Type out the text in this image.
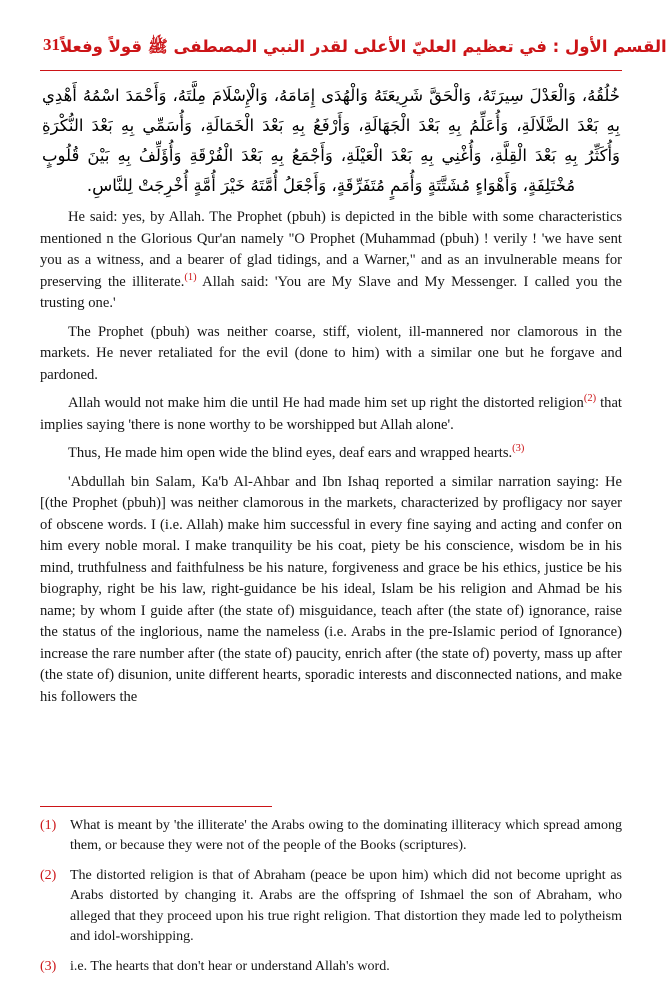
31 القسم الأول : في تعظيم العليّ الأعلى لقدر النبي المصطفى ﷺ قولاً وفعلاً

خُلُقُهُ، وَالْعَدْلَ سِيرَتَهُ، وَالْحَقَّ شَرِيعَتَهُ وَالْهُدَى إِمَامَهُ، وَالْإِسْلَامَ مِلَّتَهُ، وَأَحْمَدَ اسْمُهُ أَهْدِي بِهِ بَعْدَ الضَّلَالَةِ، وَأُعَلِّمُ بِهِ بَعْدَ الْجَهَالَةِ، وَأَرْفَعُ بِهِ بَعْدَ الْخَمَالَةِ، وَأُسَمِّي بِهِ بَعْدَ النُّكْرَةِ وَأُكَثِّرُ بِهِ بَعْدَ الْقِلَّةِ، وَأُغْنِي بِهِ بَعْدَ الْعَيْلَةِ، وَأَجْمَعُ بِهِ بَعْدَ الْفُرْقَةِ وَأُؤَلِّفُ بِهِ بَيْنَ قُلُوبٍ مُخْتَلِفَةٍ، وَأَهْوَاءٍ مُشَتَّتَةٍ وَأُمَمٍ مُتَفَرِّقَةٍ، وَأَجْعَلُ أُمَّتَهُ خَيْرَ أُمَّةٍ أُخْرِجَتْ لِلنَّاسِ.

He said: yes, by Allah. The Prophet (pbuh) is depicted in the bible with some characteristics mentioned n the Glorious Qur'an namely "O Prophet (Muhammad (pbuh) ! verily ! 'we have sent you as a witness, and a bearer of glad tidings, and a Warner," and as an invulnerable means for preserving the illiterate.$^{(1)}$ Allah said: 'You are My Slave and My Messenger. I called you the trusting one.'

The Prophet (pbuh) was neither coarse, stiff, violent, ill-mannered nor clamorous in the markets. He never retaliated for the evil (done to him) with a similar one but he forgave and pardoned.

Allah would not make him die until He had made him set up right the distorted religion$^{(2)}$ that implies saying 'there is none worthy to be worshipped but Allah alone'.

Thus, He made him open wide the blind eyes, deaf ears and wrapped hearts.$^{(3)}$

'Abdullah bin Salam, Ka'b Al-Ahbar and Ibn Ishaq reported a similar narration saying: He [(the Prophet (pbuh)] was neither clamorous in the markets, characterized by profligacy nor sayer of obscene words. I (i.e. Allah) make him successful in every fine saying and acting and confer on him every noble moral. I make tranquility be his coat, piety be his conscience, wisdom be in his mind, truthfulness and faithfulness be his nature, forgiveness and grace be his ethics, justice be his biography, right be his law, right-guidance be his ideal, Islam be his religion and Ahmad be his name; by whom I guide after (the state of) misguidance, teach after (the state of) ignorance, raise the status of the inglorious, name the nameless (i.e. Arabs in the pre-Islamic period of Ignorance) increase the rare number after (the state of) paucity, enrich after (the state of) poverty, mass up after (the state of) disunion, unite different hearts, sporadic interests and disconnected nations, and make his followers the

(1) What is meant by 'the illiterate' the Arabs owing to the dominating illiteracy which spread among them, or because they were not of the people of the Books (scriptures).
(2) The distorted religion is that of Abraham (peace be upon him) which did not become upright as Arabs distorted by changing it. Arabs are the offspring of Ishmael the son of Abraham, who alleged that they proceed upon his true right religion. That distortion they made led to polytheism and idol-worshipping.
(3) i.e. The hearts that don't hear or understand Allah's word.
